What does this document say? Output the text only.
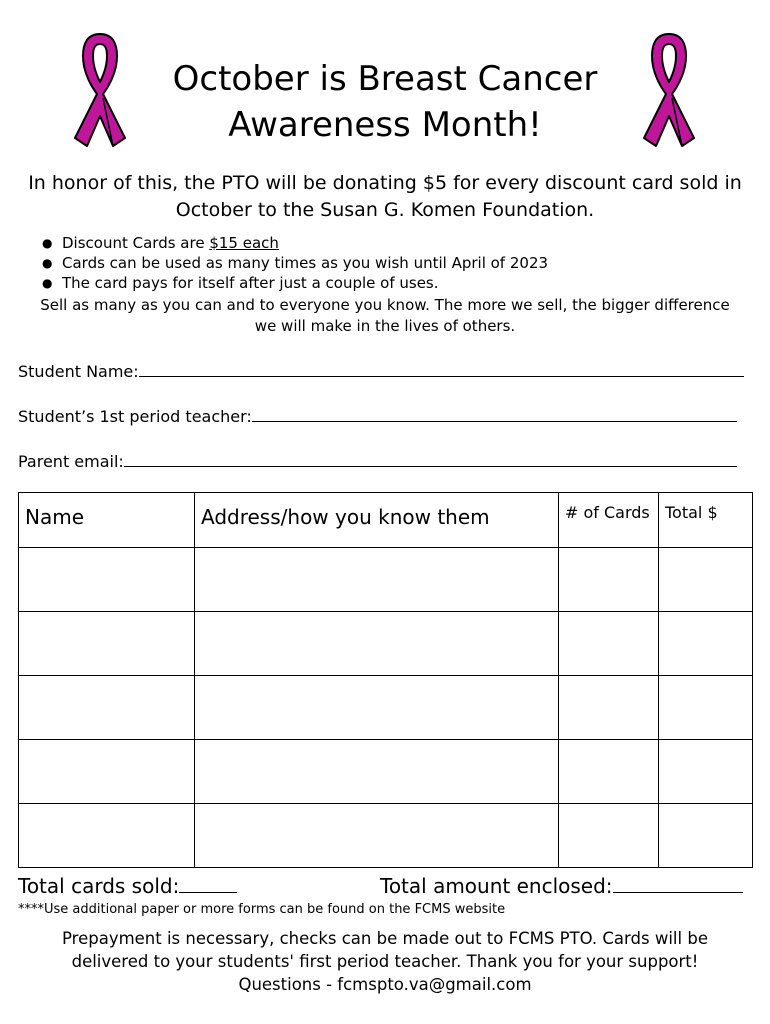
October is Breast Cancer
Awareness Month!
In honor of this, the PTO will be donating $5 for every discount card sold in
October to the Susan G. Komen Foundation.
● Discount Cards are $15 each
● Cards can be used as many times as you wish until April of 2023
● The card pays for itself after just a couple of uses.
Sell as many as you can and to everyone you know. The more we sell, the bigger difference
we will make in the lives of others.
Student Name:
Student’s 1st period teacher:
Parent email:
Name	Address/how you know them	# of Cards	Total $

Total cards sold:	Total amount enclosed:
****Use additional paper or more forms can be found on the FCMS website
Prepayment is necessary, checks can be made out to FCMS PTO. Cards will be
delivered to your students' first period teacher. Thank you for your support!
Questions - fcmspto.va@gmail.com
